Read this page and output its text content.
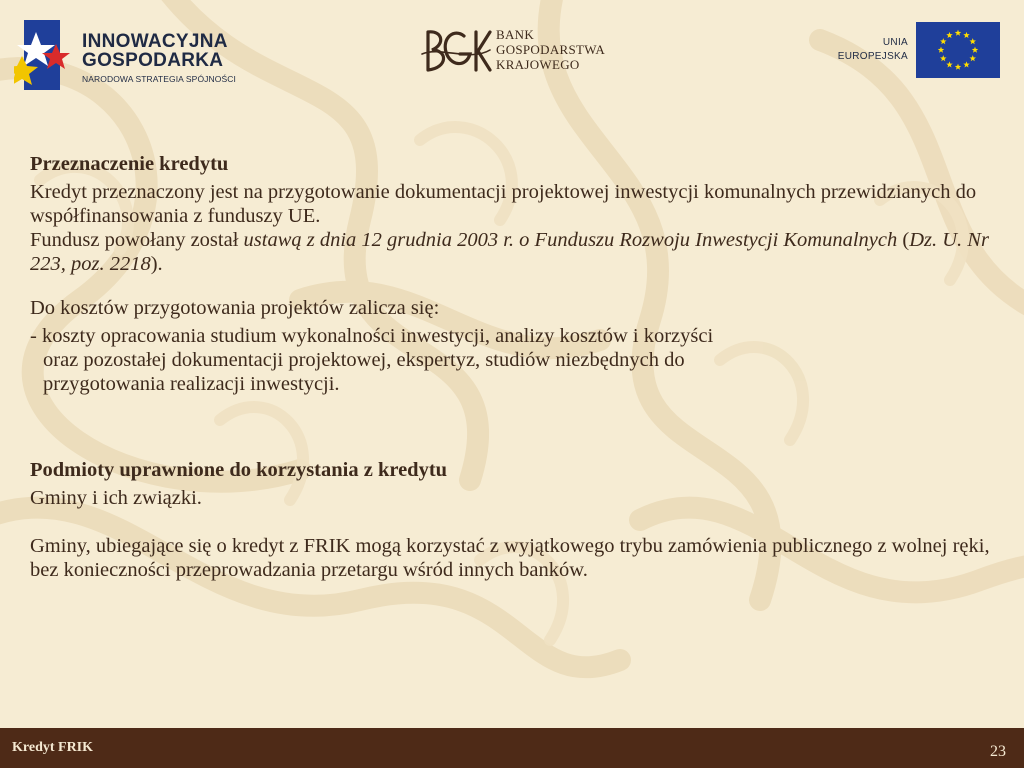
INNOWACYJNA
GOSPODARKA
NARODOWA STRATEGIA SPÓJNOŚCI
BANK
GOSPODARSTWA
KRAJOWEGO
UNIA
EUROPEJSKA

Przeznaczenie kredytu

Kredyt przeznaczony jest na przygotowanie dokumentacji projektowej inwestycji komunalnych przewidzianych do współfinansowania z funduszy UE.

Fundusz powołany został ustawą z dnia 12 grudnia 2003 r. o Funduszu Rozwoju Inwestycji Komunalnych (Dz. U. Nr 223, poz. 2218).

Do kosztów przygotowania projektów zalicza się:

- koszty opracowania studium wykonalności inwestycji, analizy kosztów i korzyści
oraz pozostałej dokumentacji projektowej, ekspertyz, studiów niezbędnych do
przygotowania realizacji inwestycji.

Podmioty uprawnione do korzystania z kredytu

Gminy i ich związki.

Gminy, ubiegające się o kredyt z FRIK mogą korzystać z wyjątkowego trybu zamówienia publicznego z wolnej ręki, bez konieczności przeprowadzania przetargu wśród innych banków.

Kredyt FRIK	23
